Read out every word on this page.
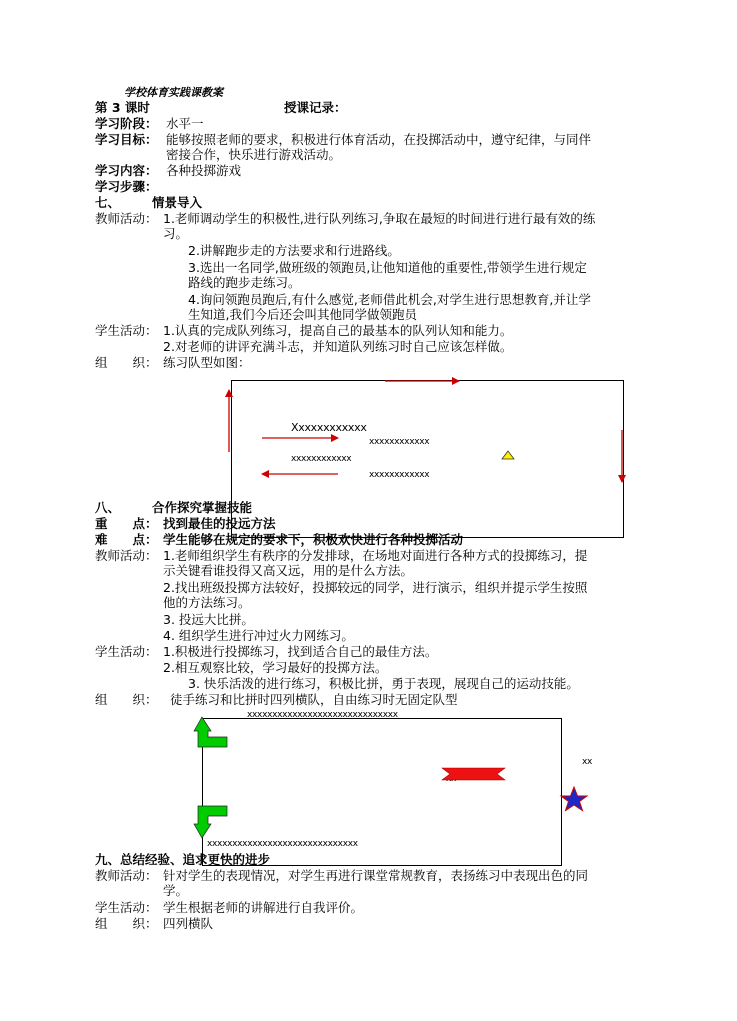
学校体育实践课教案
第 3 课时	授课记录：
学习阶段： 水平一
学习目标： 能够按照老师的要求，积极进行体育活动，在投掷活动中，遵守纪律，与同伴
密接合作，快乐进行游戏活动。
学习内容： 各种投掷游戏
学习步骤：
七、	情景导入
教师活动： 1.老师调动学生的积极性,进行队列练习,争取在最短的时间进行进行最有效的练
习。
2.讲解跑步走的方法要求和行进路线。
3.选出一名同学,做班级的领跑员,让他知道他的重要性,带领学生进行规定
路线的跑步走练习。
4.询问领跑员跑后,有什么感觉,老师借此机会,对学生进行思想教育,并让学
生知道,我们今后还会叫其他同学做领跑员
学生活动： 1.认真的完成队列练习，提高自己的最基本的队列认知和能力。
2.对老师的讲评充满斗志，并知道队列练习时自己应该怎样做。
组　　织： 练习队型如图：
Xxxxxxxxxxxx
xxxxxxxxxxxx
xxxxxxxxxxxx
xxxxxxxxxxxx
八、	合作探究掌握技能
重　　点： 找到最佳的投远方法
难　　点： 学生能够在规定的要求下，积极欢快进行各种投掷活动
教师活动： 1.老师组织学生有秩序的分发排球，在场地对面进行各种方式的投掷练习，提
示关键看谁投得又高又远，用的是什么方法。
2.找出班级投掷方法较好，投掷较远的同学，进行演示，组织并提示学生按照
他的方法练习。
3. 投远大比拼。
4. 组织学生进行冲过火力网练习。
学生活动： 1.积极进行投掷练习，找到适合自己的最佳方法。
2.相互观察比较，学习最好的投掷方法。
3. 快乐活泼的进行练习，积极比拼，勇于表现，展现自己的运动技能。
组　　织： 徒手练习和比拼时四列横队，自由练习时无固定队型
xxxxxxxxxxxxxxxxxxxxxxxxxxxxxx
xxxxxxxxxxxxxxxxxxxxxxxxxxxxxx
xx
九、总结经验、追求更快的进步
教师活动： 针对学生的表现情况，对学生再进行课堂常规教育，表扬练习中表现出色的同
学。
学生活动： 学生根据老师的讲解进行自我评价。
组　　织： 四列横队
